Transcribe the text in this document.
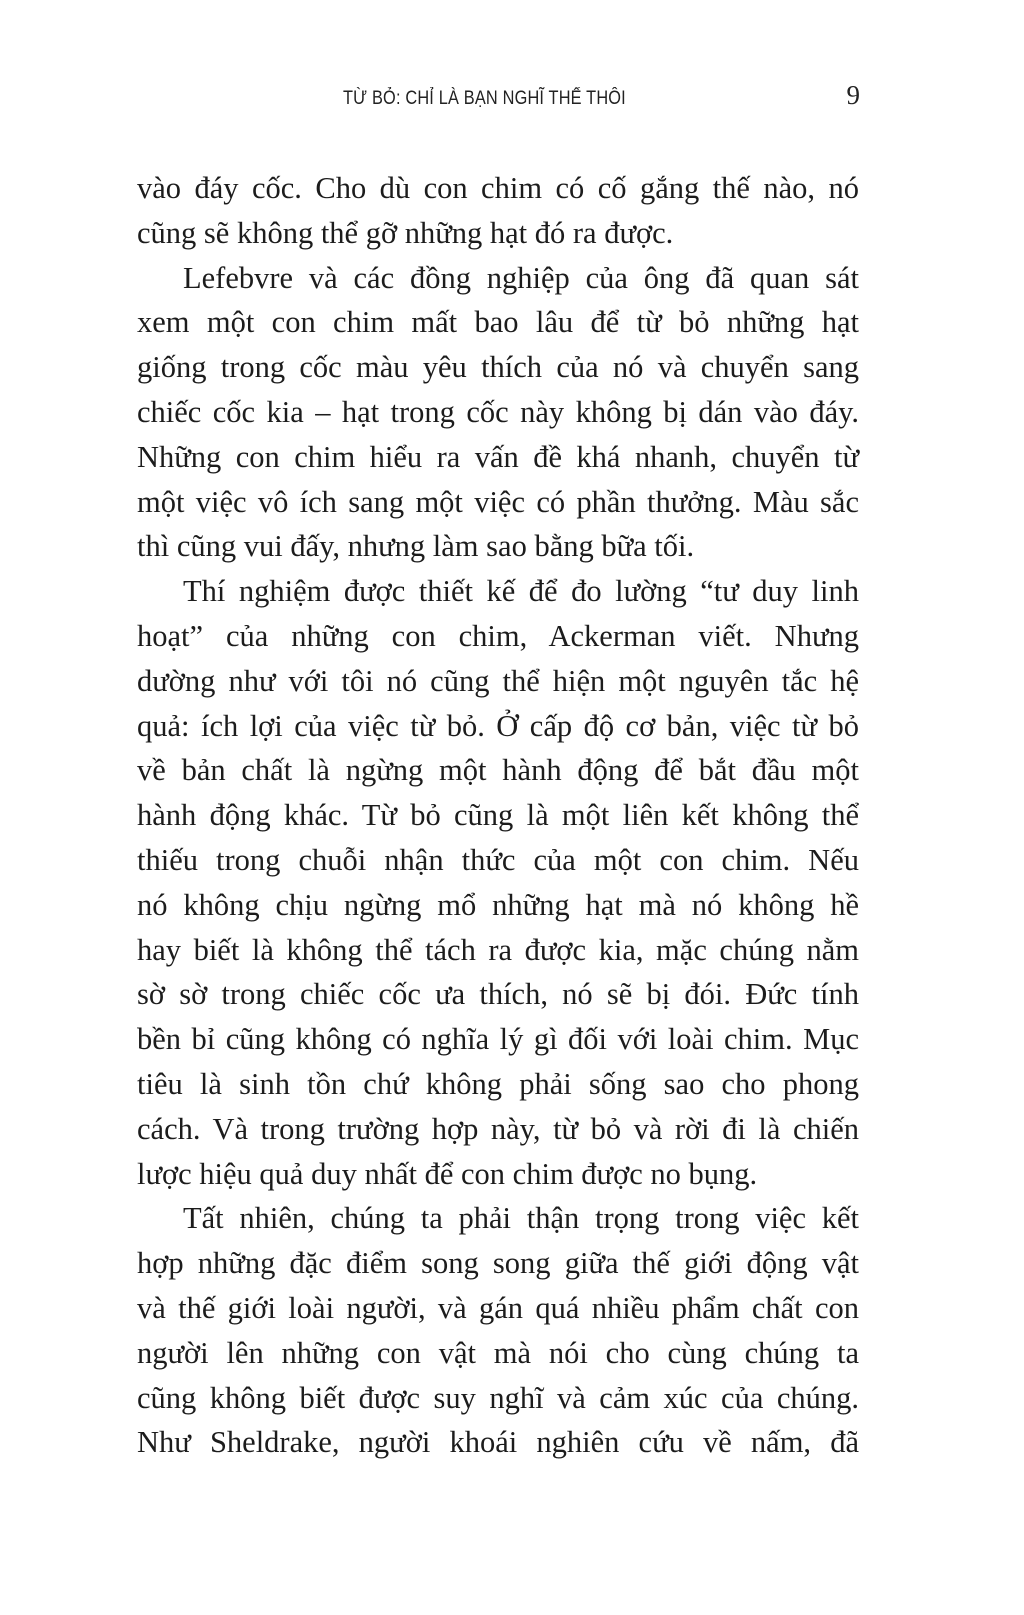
TỪ BỎ: CHỈ LÀ BẠN NGHĨ THẾ THÔI	9
vào đáy cốc. Cho dù con chim có cố gắng thế nào, nó
cũng sẽ không thể gỡ những hạt đó ra được.
Lefebvre và các đồng nghiệp của ông đã quan sát
xem một con chim mất bao lâu để từ bỏ những hạt
giống trong cốc màu yêu thích của nó và chuyển sang
chiếc cốc kia – hạt trong cốc này không bị dán vào đáy.
Những con chim hiểu ra vấn đề khá nhanh, chuyển từ
một việc vô ích sang một việc có phần thưởng. Màu sắc
thì cũng vui đấy, nhưng làm sao bằng bữa tối.
Thí nghiệm được thiết kế để đo lường “tư duy linh
hoạt” của những con chim, Ackerman viết. Nhưng
dường như với tôi nó cũng thể hiện một nguyên tắc hệ
quả: ích lợi của việc từ bỏ. Ở cấp độ cơ bản, việc từ bỏ
về bản chất là ngừng một hành động để bắt đầu một
hành động khác. Từ bỏ cũng là một liên kết không thể
thiếu trong chuỗi nhận thức của một con chim. Nếu
nó không chịu ngừng mổ những hạt mà nó không hề
hay biết là không thể tách ra được kia, mặc chúng nằm
sờ sờ trong chiếc cốc ưa thích, nó sẽ bị đói. Đức tính
bền bỉ cũng không có nghĩa lý gì đối với loài chim. Mục
tiêu là sinh tồn chứ không phải sống sao cho phong
cách. Và trong trường hợp này, từ bỏ và rời đi là chiến
lược hiệu quả duy nhất để con chim được no bụng.
Tất nhiên, chúng ta phải thận trọng trong việc kết
hợp những đặc điểm song song giữa thế giới động vật
và thế giới loài người, và gán quá nhiều phẩm chất con
người lên những con vật mà nói cho cùng chúng ta
cũng không biết được suy nghĩ và cảm xúc của chúng.
Như Sheldrake, người khoái nghiên cứu về nấm, đã
